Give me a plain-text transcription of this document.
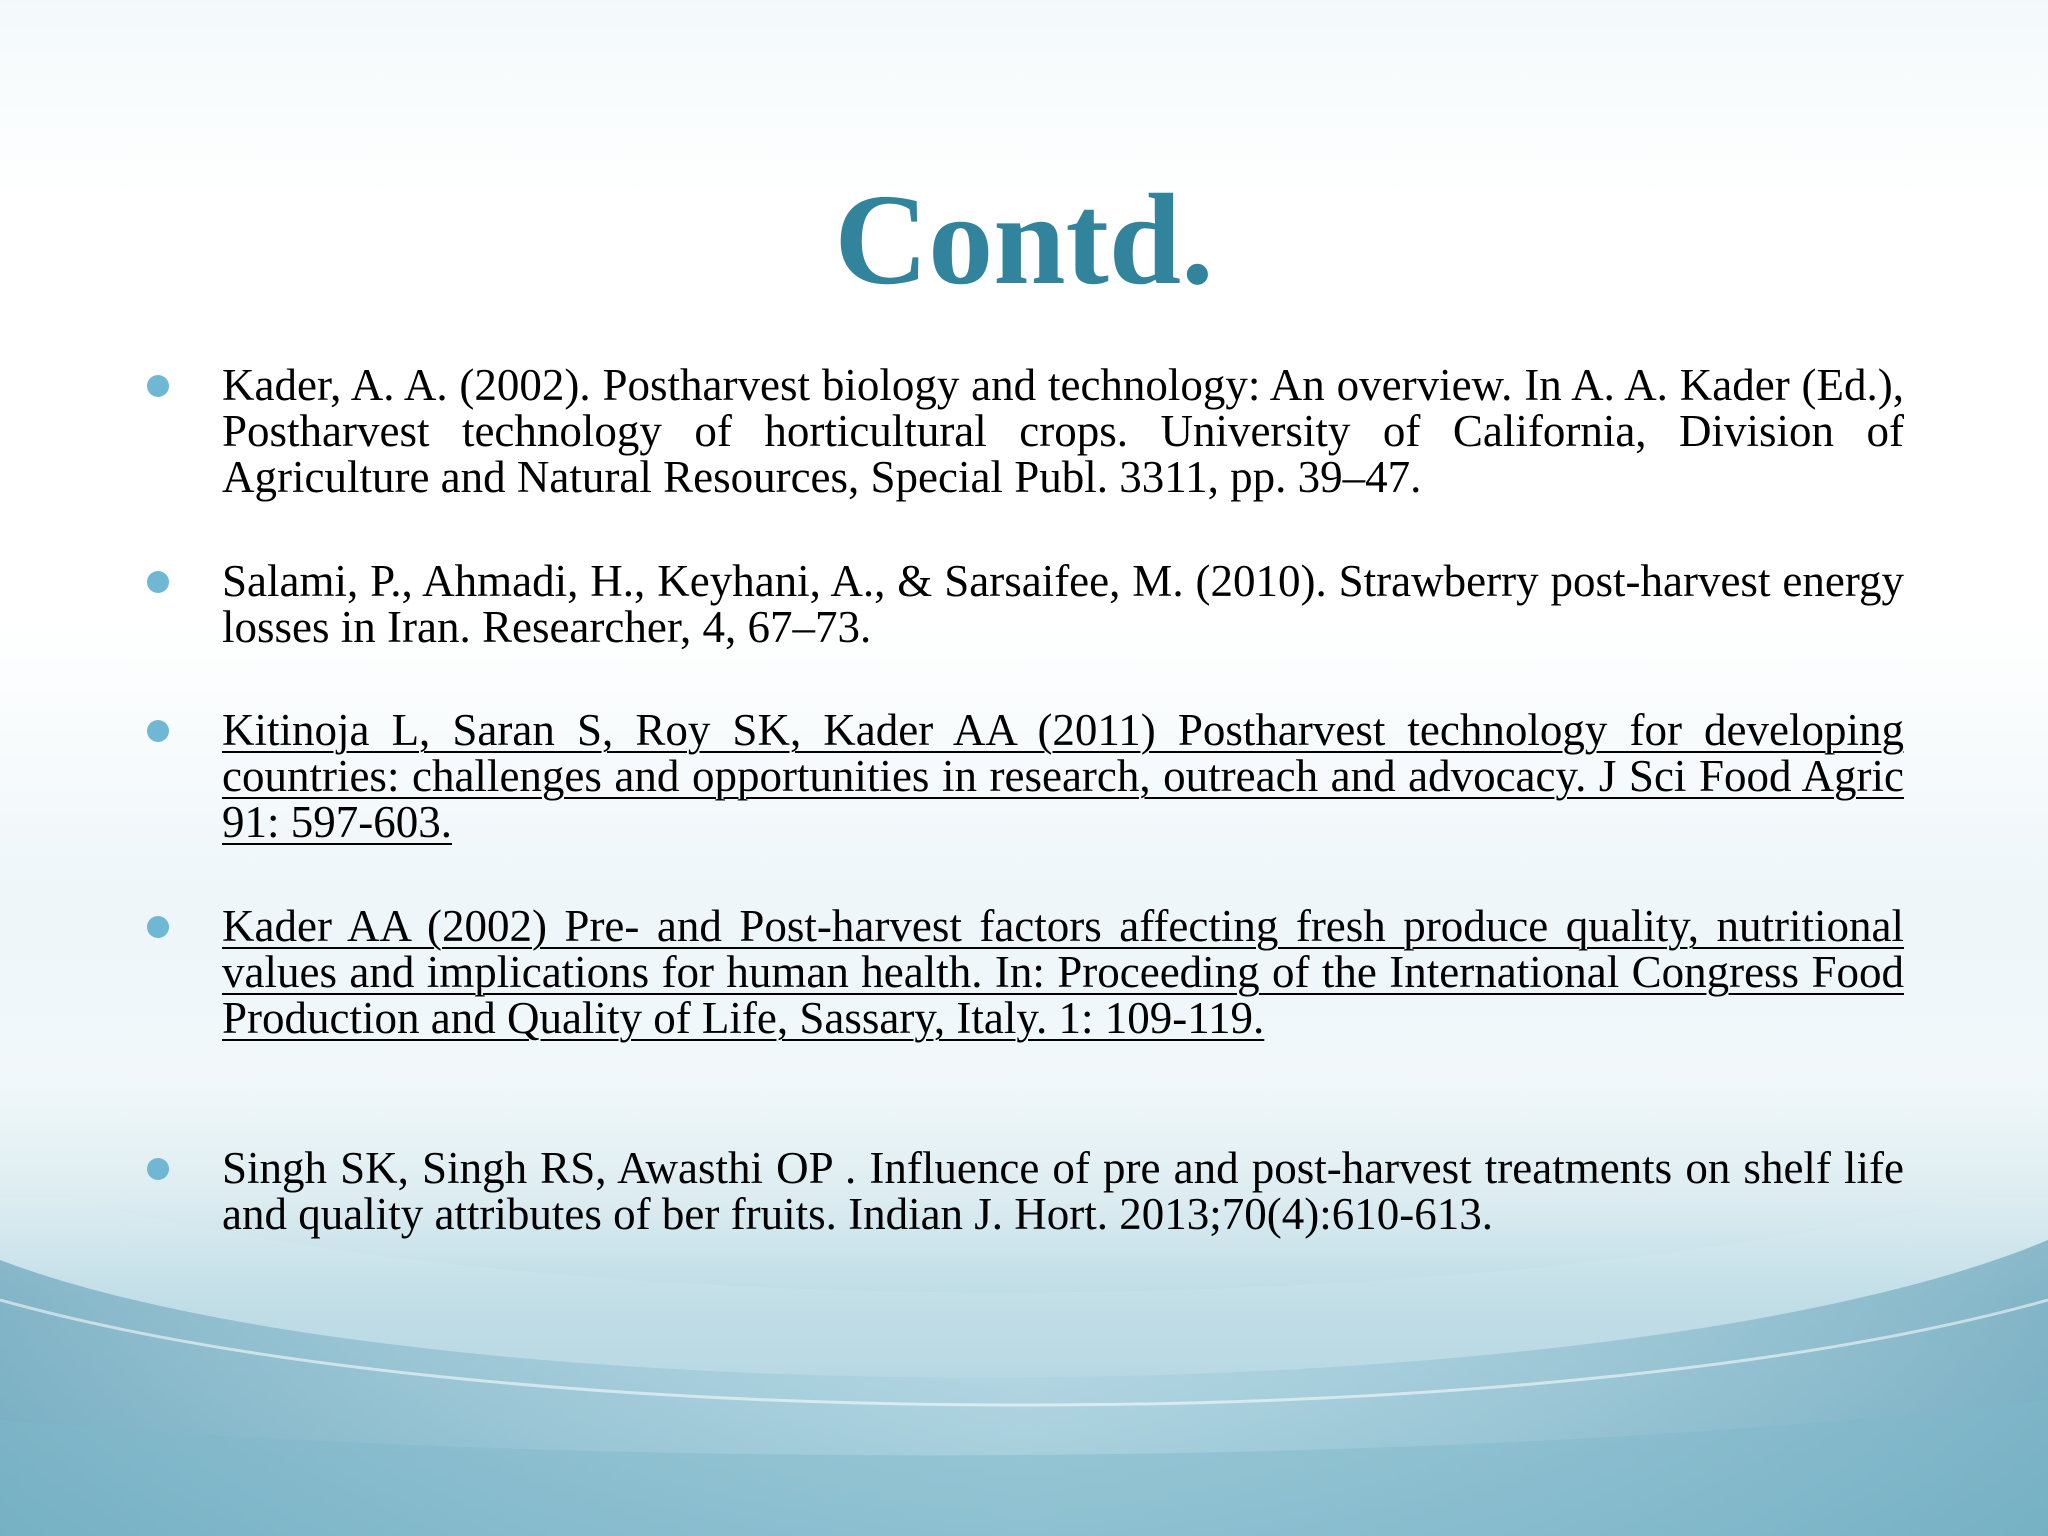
Contd.
Kader, A. A. (2002). Postharvest biology and technology: An overview. In A. A. Kader (Ed.), Postharvest technology of horticultural crops. University of California, Division of Agriculture and Natural Resources, Special Publ. 3311, pp. 39–47.
Salami, P., Ahmadi, H., Keyhani, A., & Sarsaifee, M. (2010). Strawberry post-harvest energy losses in Iran. Researcher, 4, 67–73.
Kitinoja L, Saran S, Roy SK, Kader AA (2011) Postharvest technology for developing countries: challenges and opportunities in research, outreach and advocacy. J Sci Food Agric 91: 597-603.
Kader AA (2002) Pre- and Post-harvest factors affecting fresh produce quality, nutritional values and implications for human health. In: Proceeding of the International Congress Food Production and Quality of Life, Sassary, Italy. 1: 109-119.
Singh SK, Singh RS, Awasthi OP . Influence of pre and post-harvest treatments on shelf life and quality attributes of ber fruits. Indian J. Hort. 2013;70(4):610-613.
